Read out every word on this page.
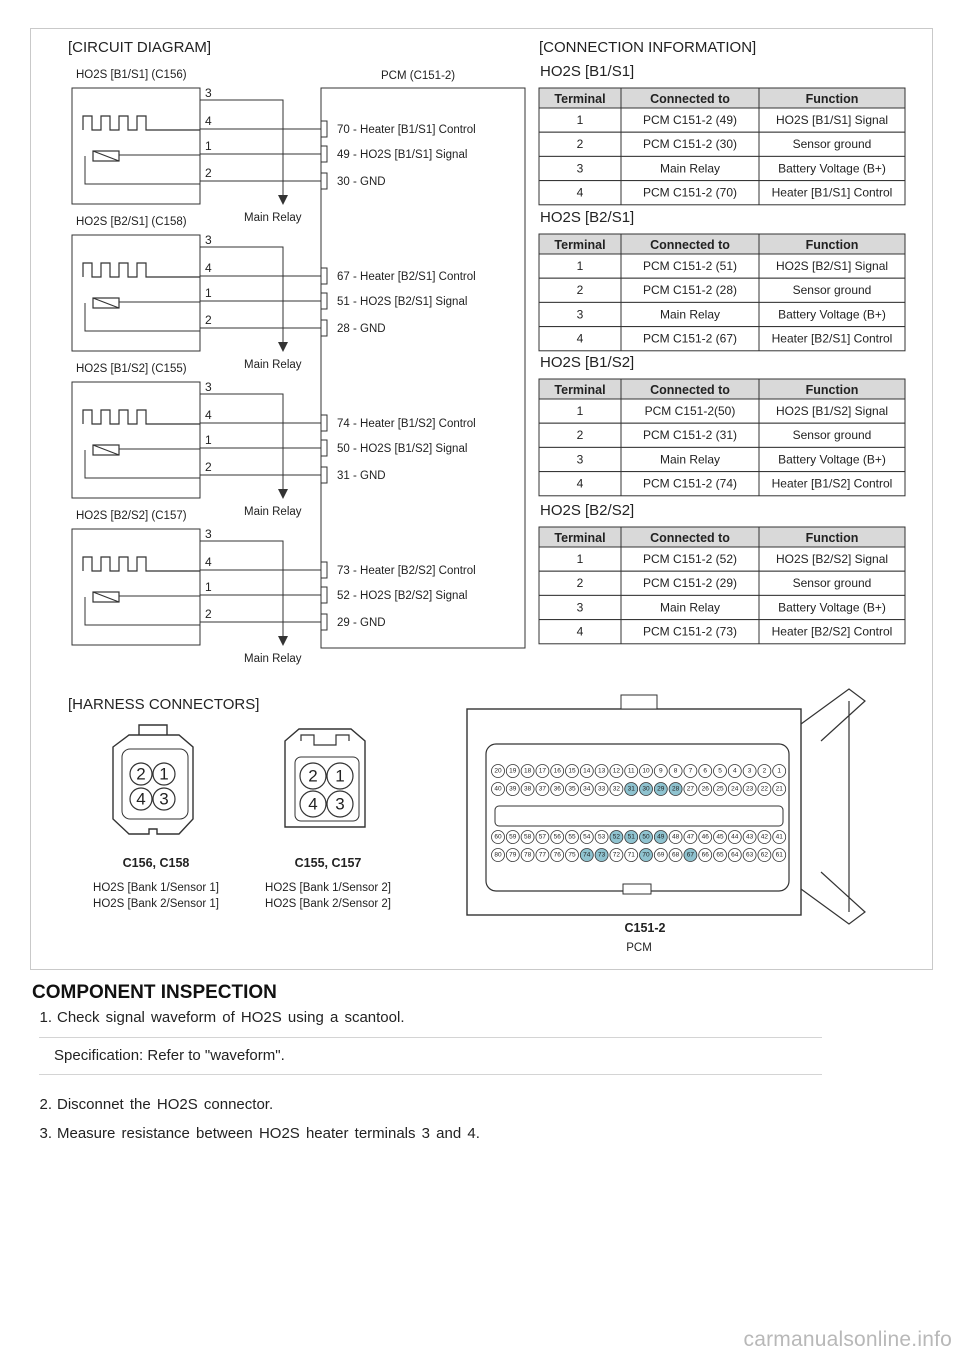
[CIRCUIT DIAGRAM]
PCM (C151-2)
HO2S [B1/S1] (C156)
3
4
1
2
Main Relay
70 - Heater [B1/S1] Control
49 - HO2S [B1/S1] Signal
30 - GND
HO2S [B2/S1] (C158)
3
4
1
2
Main Relay
67 - Heater [B2/S1] Control
51 - HO2S [B2/S1] Signal
28 - GND
HO2S [B1/S2] (C155)
3
4
1
2
Main Relay
74 - Heater [B1/S2] Control
50 - HO2S [B1/S2] Signal
31 - GND
HO2S [B2/S2] (C157)
3
4
1
2
Main Relay
73 - Heater [B2/S2] Control
52 - HO2S [B2/S2] Signal
29 - GND
[CONNECTION INFORMATION]
HO2S [B1/S1]
Terminal	Connected to	Function
1	PCM C151-2 (49)	HO2S [B1/S1] Signal
2	PCM C151-2 (30)	Sensor ground
3	Main Relay	Battery Voltage (B+)
4	PCM C151-2 (70)	Heater [B1/S1] Control
HO2S [B2/S1]
Terminal	Connected to	Function
1	PCM C151-2 (51)	HO2S [B2/S1] Signal
2	PCM C151-2 (28)	Sensor ground
3	Main Relay	Battery Voltage (B+)
4	PCM C151-2 (67)	Heater [B2/S1] Control
HO2S [B1/S2]
Terminal	Connected to	Function
1	PCM C151-2(50)	HO2S [B1/S2] Signal
2	PCM C151-2 (31)	Sensor ground
3	Main Relay	Battery Voltage (B+)
4	PCM C151-2 (74)	Heater [B1/S2] Control
HO2S [B2/S2]
Terminal	Connected to	Function
1	PCM C151-2 (52)	HO2S [B2/S2] Signal
2	PCM C151-2 (29)	Sensor ground
3	Main Relay	Battery Voltage (B+)
4	PCM C151-2 (73)	Heater [B2/S2] Control
[HARNESS CONNECTORS]
2 1
4 3
C156, C158
HO2S [Bank 1/Sensor 1]
HO2S [Bank 2/Sensor 1]
2 1
4 3
C155, C157
HO2S [Bank 1/Sensor 2]
HO2S [Bank 2/Sensor 2]
20 19 18 17 16 15 14 13 12 11 10 9 8 7 6 5 4 3 2 1
40 39 38 37 36 35 34 33 32 31 30 29 28 27 26 25 24 23 22 21
60 59 58 57 56 55 54 53 52 51 50 49 48 47 46 45 44 43 42 41
80 79 78 77 76 75 74 73 72 71 70 69 68 67 66 65 64 63 62 61
C151-2
PCM
COMPONENT INSPECTION
1. Check signal waveform of HO2S using a scantool.
Specification: Refer to "waveform".
2. Disconnet the HO2S connector.
3. Measure resistance between HO2S heater terminals 3 and 4.
carmanualsonline.info
